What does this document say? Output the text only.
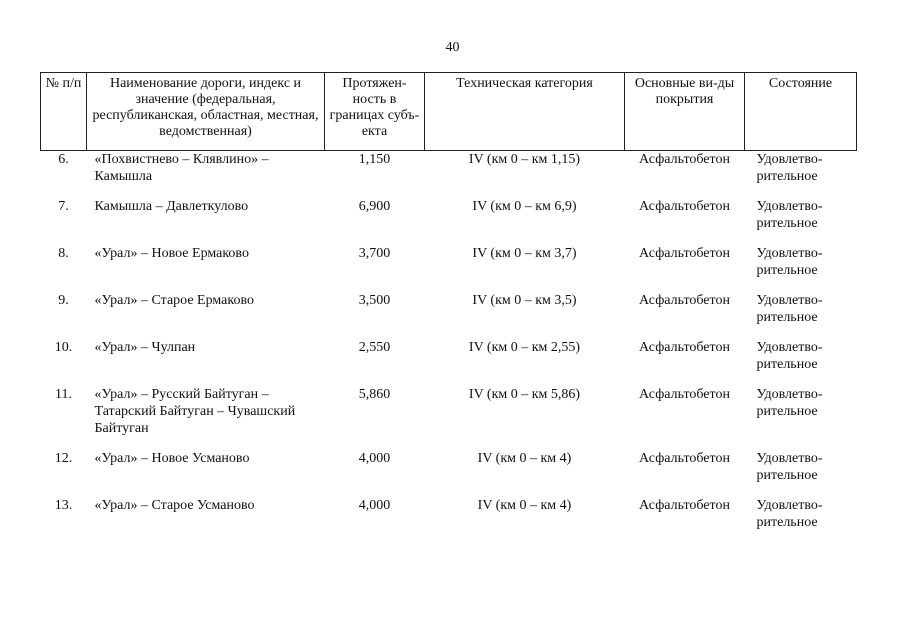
40
№ п/п	Наименование дороги, индекс и значение (федеральная, республиканская, областная, местная, ведомственная)	Протяжен-ность в границах субъ-екта	Техническая категория	Основные ви-ды покрытия	Состояние
6.	«Похвистнево – Клявлино» – Камышла	1,150	IV (км 0 – км 1,15)	Асфальтобетон	Удовлетво-рительное
7.	Камышла – Давлеткулово	6,900	IV (км 0 – км 6,9)	Асфальтобетон	Удовлетво-рительное
8.	«Урал» – Новое Ермаково	3,700	IV (км 0 – км 3,7)	Асфальтобетон	Удовлетво-рительное
9.	«Урал» – Старое Ермаково	3,500	IV (км 0 – км 3,5)	Асфальтобетон	Удовлетво-рительное
10.	«Урал» – Чулпан	2,550	IV (км 0 – км 2,55)	Асфальтобетон	Удовлетво-рительное
11.	«Урал» – Русский Байтуган – Татарский Байтуган – Чувашский Байтуган	5,860	IV (км 0 – км 5,86)	Асфальтобетон	Удовлетво-рительное
12.	«Урал» – Новое Усманово	4,000	IV (км 0 – км 4)	Асфальтобетон	Удовлетво-рительное
13.	«Урал» – Старое Усманово	4,000	IV (км 0 – км 4)	Асфальтобетон	Удовлетво-рительное
